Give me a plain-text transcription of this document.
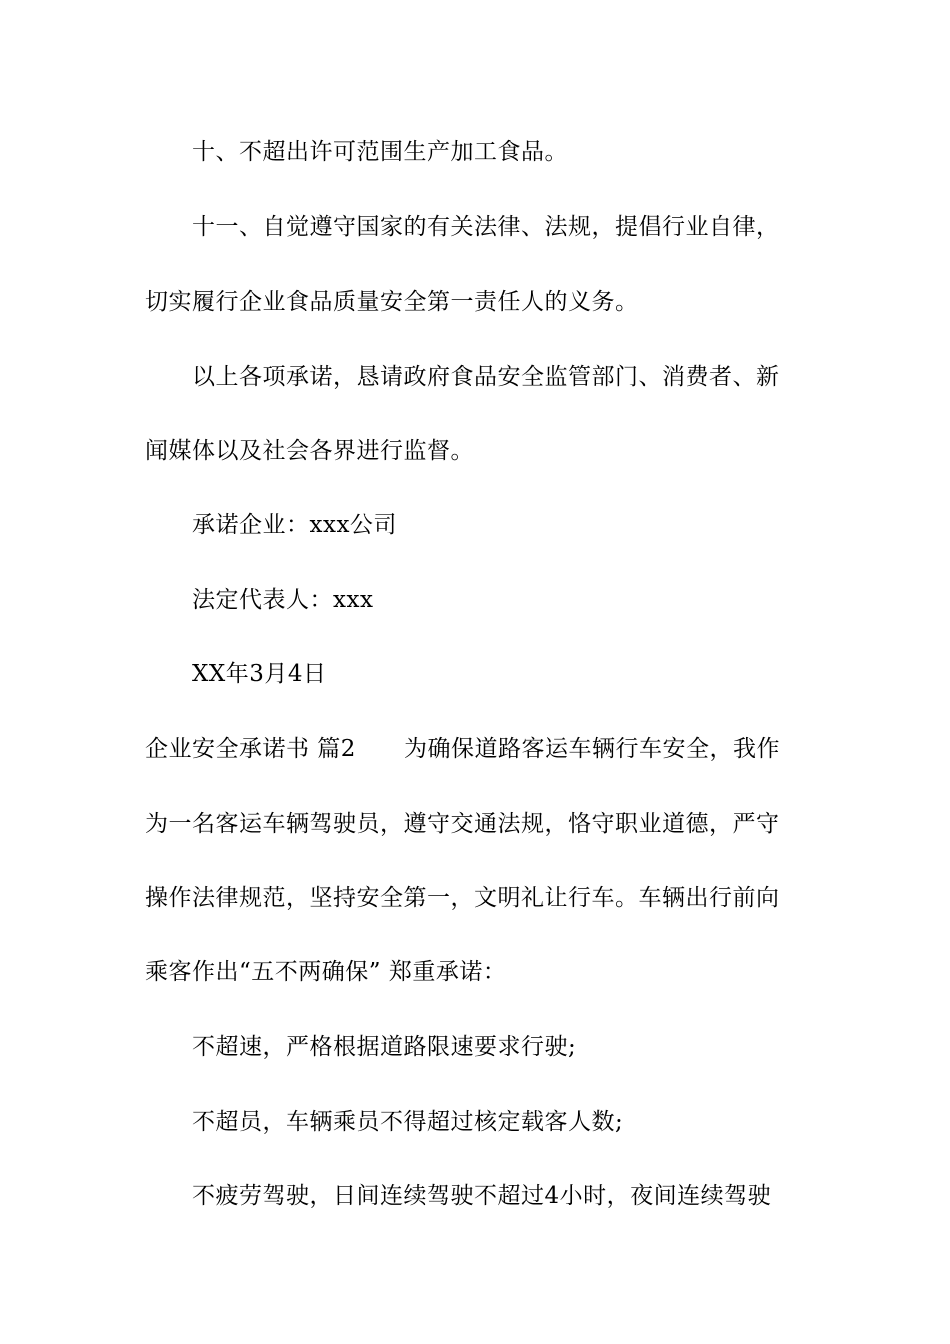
十、不超出许可范围生产加工食品。
十一、自觉遵守国家的有关法律、法规，提倡行业自律，
切实履行企业食品质量安全第一责任人的义务。
以上各项承诺，恳请政府食品安全监管部门、消费者、新
闻媒体以及社会各界进行监督。
承诺企业：xxx公司
法定代表人：xxx
XX年3月4日
企业安全承诺书 篇2 为确保道路客运车辆行车安全，我作
为一名客运车辆驾驶员，遵守交通法规，恪守职业道德，严守
操作法律规范，坚持安全第一，文明礼让行车。车辆出行前向
乘客作出“五不两确保” 郑重承诺：
不超速，严格根据道路限速要求行驶;
不超员，车辆乘员不得超过核定载客人数;
不疲劳驾驶，日间连续驾驶不超过4小时，夜间连续驾驶
